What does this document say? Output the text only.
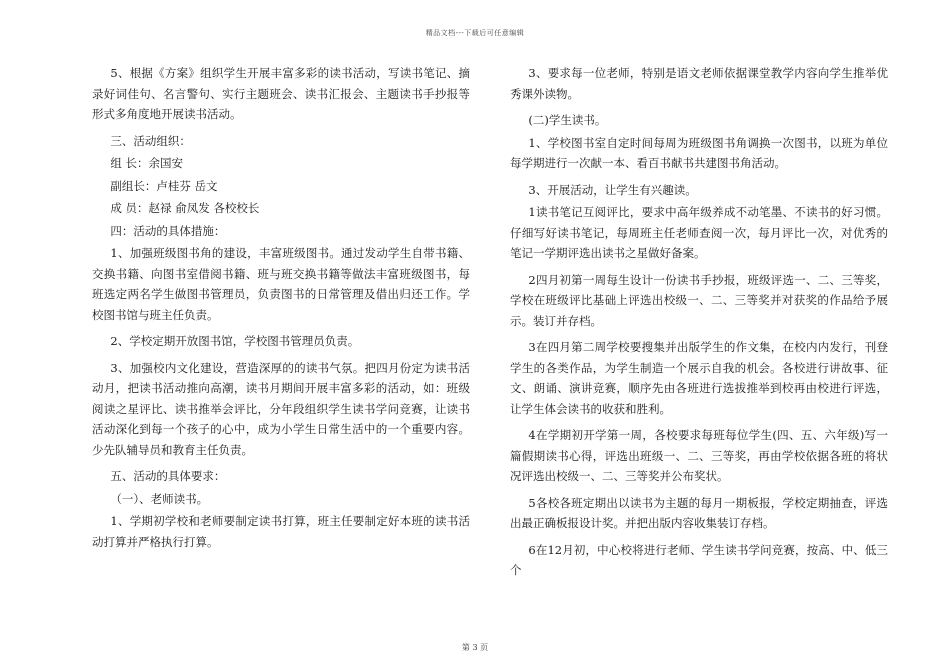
精品文档---下载后可任意编辑

5、根据《方案》组织学生开展丰富多彩的读书活动，写读书笔记、摘录好词佳句、名言警句、实行主题班会、读书汇报会、主题读书手抄报等形式多角度地开展读书活动。

三、活动组织：

组 长：余国安

副组长：卢桂芬 岳文

成 员：赵禄 俞凤发 各校校长

四：活动的具体措施：

1、加强班级图书角的建设，丰富班级图书。通过发动学生自带书籍、交换书籍、向图书室借阅书籍、班与班交换书籍等做法丰富班级图书，每班选定两名学生做图书管理员，负责图书的日常管理及借出归还工作。学校图书馆与班主任负责。

2、学校定期开放图书馆，学校图书管理员负责。

3、加强校内文化建设，营造深厚的的读书气氛。把四月份定为读书活动月，把读书活动推向高潮，读书月期间开展丰富多彩的活动，如：班级阅读之星评比、读书推举会评比，分年段组织学生读书学问竞赛，让读书活动深化到每一个孩子的心中，成为小学生日常生活中的一个重要内容。少先队辅导员和教育主任负责。

五、活动的具体要求：

（一）、老师读书。

1、学期初学校和老师要制定读书打算，班主任要制定好本班的读书活动打算并严格执行打算。

3、要求每一位老师，特别是语文老师依据课堂教学内容向学生推举优秀课外读物。

(二)学生读书。

1、学校图书室自定时间每周为班级图书角调换一次图书，以班为单位每学期进行一次献一本、看百书献书共建图书角活动。

3、开展活动，让学生有兴趣读。

1读书笔记互阅评比，要求中高年级养成不动笔墨、不读书的好习惯。仔细写好读书笔记，每周班主任老师查阅一次，每月评比一次，对优秀的笔记一学期评选出读书之星做好备案。

2四月初第一周每生设计一份读书手抄报，班级评选一、二、三等奖，学校在班级评比基础上评选出校级一、二、三等奖并对获奖的作品给予展示。装订并存档。

3在四月第二周学校要搜集并出版学生的作文集，在校内内发行，刊登学生的各类作品，为学生制造一个展示自我的机会。各校进行讲故事、征文、朗诵、演讲竞赛，顺序先由各班进行选拔推举到校再由校进行评选，让学生体会读书的收获和胜利。

4在学期初开学第一周，各校要求每班每位学生(四、五、六年级)写一篇假期读书心得，评选出班级一、二、三等奖，再由学校依据各班的将状况评选出校级一、二、三等奖并公布奖状。

5各校各班定期出以读书为主题的每月一期板报，学校定期抽查，评选出最正确板报设计奖。并把出版内容收集装订存档。

6在12月初，中心校将进行老师、学生读书学问竞赛，按高、中、低三个

第 3 页
